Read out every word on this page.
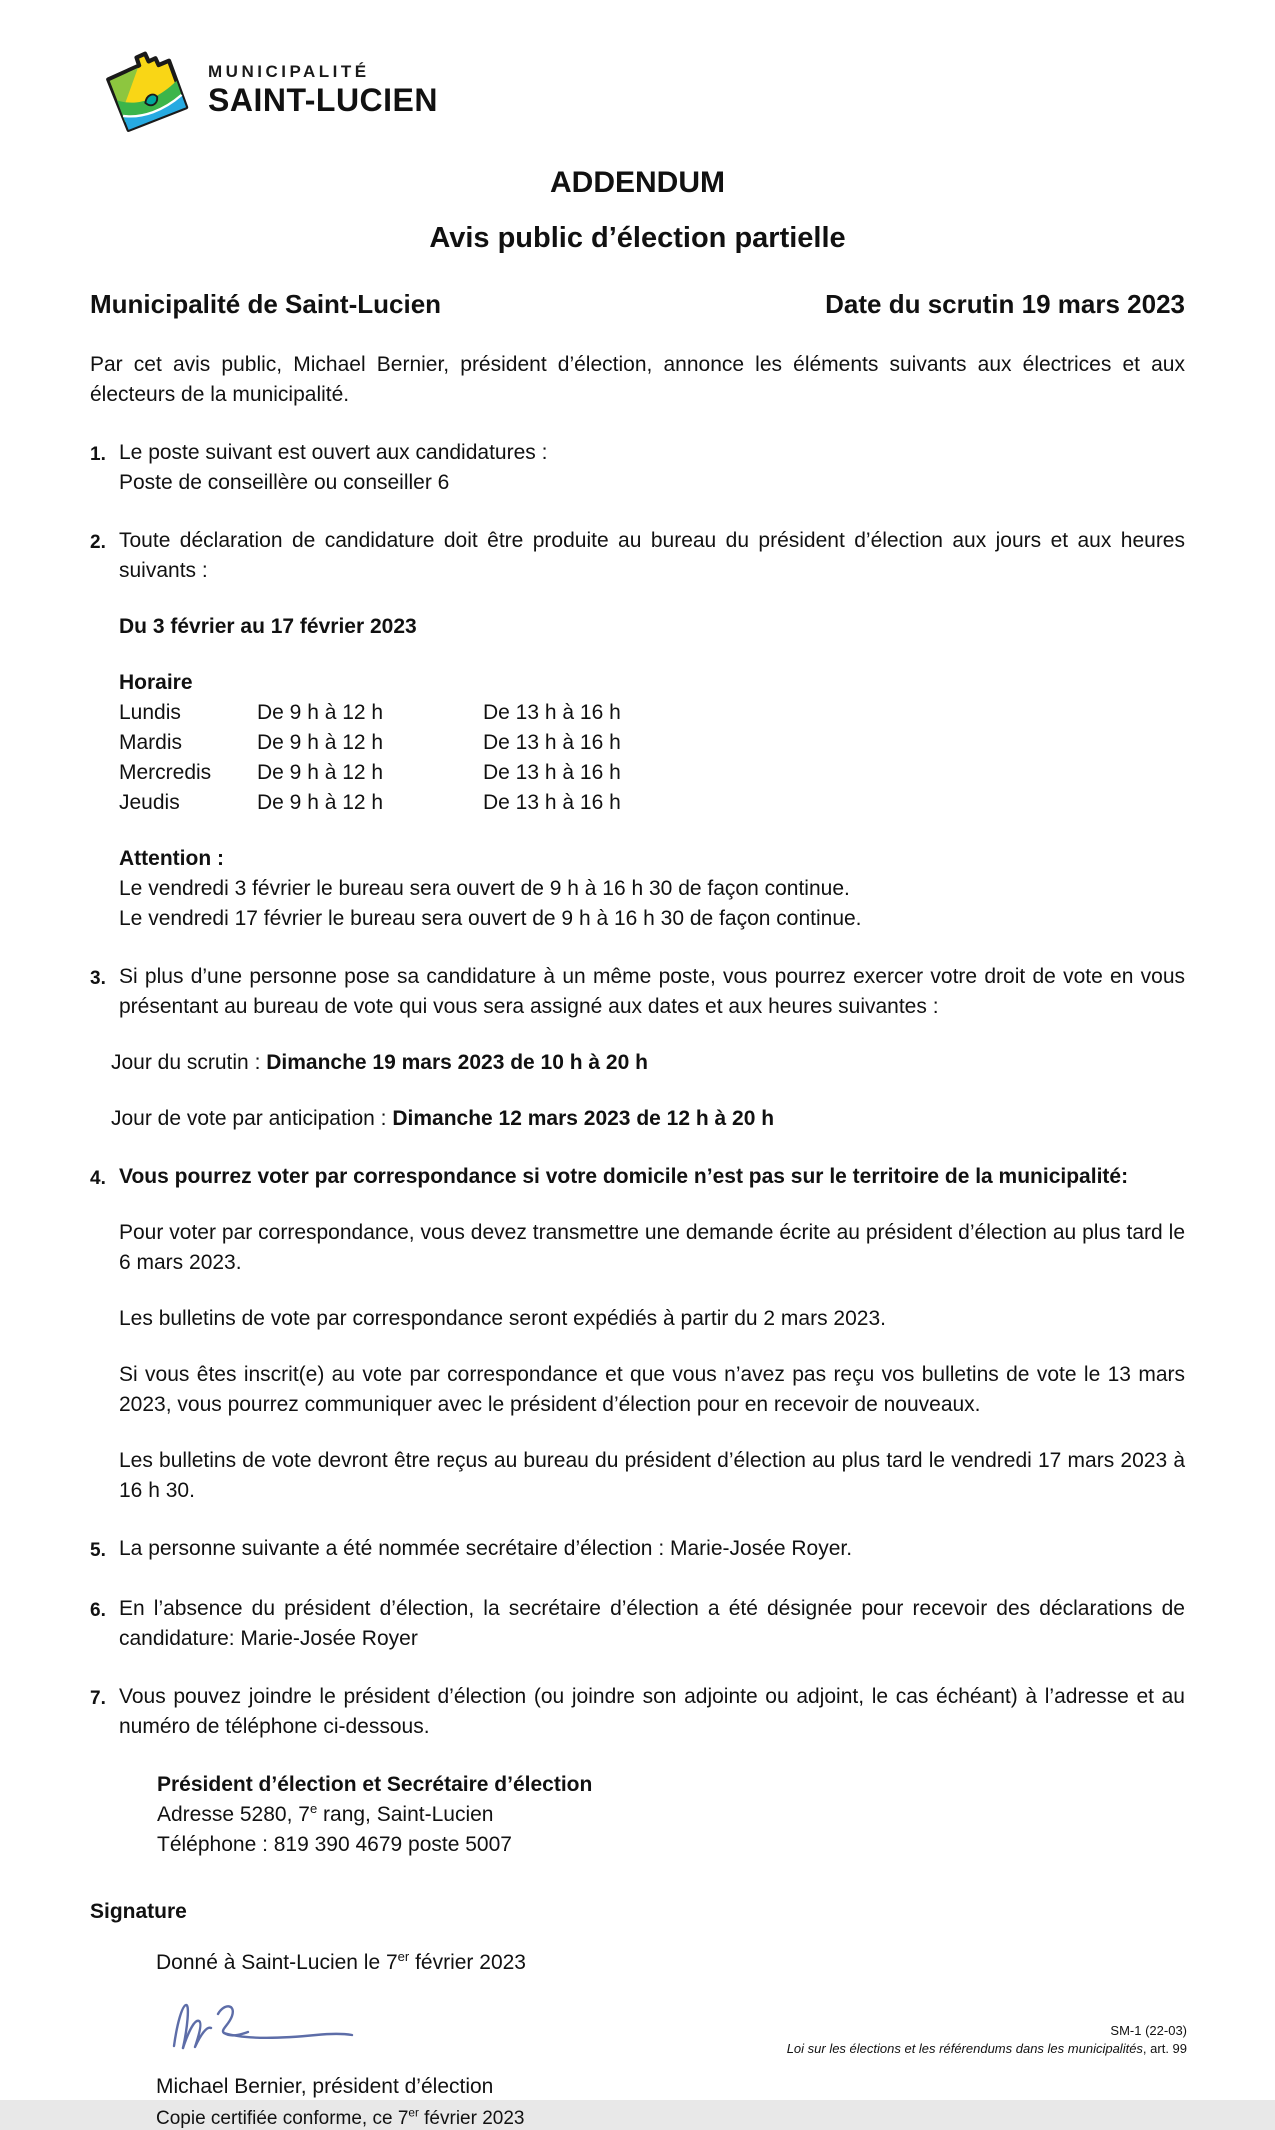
MUNICIPALITÉ
SAINT-LUCIEN
ADDENDUM
Avis public d’élection partielle
Municipalité de Saint-Lucien	Date du scrutin 19 mars 2023

Par cet avis public, Michael Bernier, président d’élection, annonce les éléments suivants aux électrices et aux électeurs de la municipalité.

1. Le poste suivant est ouvert aux candidatures :
Poste de conseillère ou conseiller 6
2. Toute déclaration de candidature doit être produite au bureau du président d’élection aux jours et aux heures suivants :

Du 3 février au 17 février 2023

Horaire
Lundis	De 9 h à 12 h	De 13 h à 16 h
Mardis	De 9 h à 12 h	De 13 h à 16 h
Mercredis	De 9 h à 12 h	De 13 h à 16 h
Jeudis	De 9 h à 12 h	De 13 h à 16 h
Attention :
Le vendredi 3 février le bureau sera ouvert de 9 h à 16 h 30 de façon continue.
Le vendredi 17 février le bureau sera ouvert de 9 h à 16 h 30 de façon continue.
3. Si plus d’une personne pose sa candidature à un même poste, vous pourrez exercer votre droit de vote en vous présentant au bureau de vote qui vous sera assigné aux dates et aux heures suivantes :

Jour du scrutin : Dimanche 19 mars 2023 de 10 h à 20 h

Jour de vote par anticipation : Dimanche 12 mars 2023 de 12 h à 20 h

4. Vous pourrez voter par correspondance si votre domicile n’est pas sur le territoire de la municipalité:

Pour voter par correspondance, vous devez transmettre une demande écrite au président d’élection au plus tard le 6 mars 2023.

Les bulletins de vote par correspondance seront expédiés à partir du 2 mars 2023.

Si vous êtes inscrit(e) au vote par correspondance et que vous n’avez pas reçu vos bulletins de vote le 13 mars 2023, vous pourrez communiquer avec le président d’élection pour en recevoir de nouveaux.

Les bulletins de vote devront être reçus au bureau du président d’élection au plus tard le vendredi 17 mars 2023 à 16 h 30.

5. La personne suivante a été nommée secrétaire d’élection : Marie-Josée Royer.

6. En l’absence du président d’élection, la secrétaire d’élection a été désignée pour recevoir des déclarations de candidature: Marie-Josée Royer

7. Vous pouvez joindre le président d’élection (ou joindre son adjointe ou adjoint, le cas échéant) à l’adresse et au numéro de téléphone ci-dessous.

Président d’élection et Secrétaire d’élection
Adresse 5280, 7e rang, Saint-Lucien
Téléphone : 819 390 4679 poste 5007
Signature

Donné à Saint-Lucien le 7er février 2023

Michael Bernier, président d’élection

Copie certifiée conforme, ce 7er février 2023

SM-1 (22-03)
Loi sur les élections et les référendums dans les municipalités, art. 99
